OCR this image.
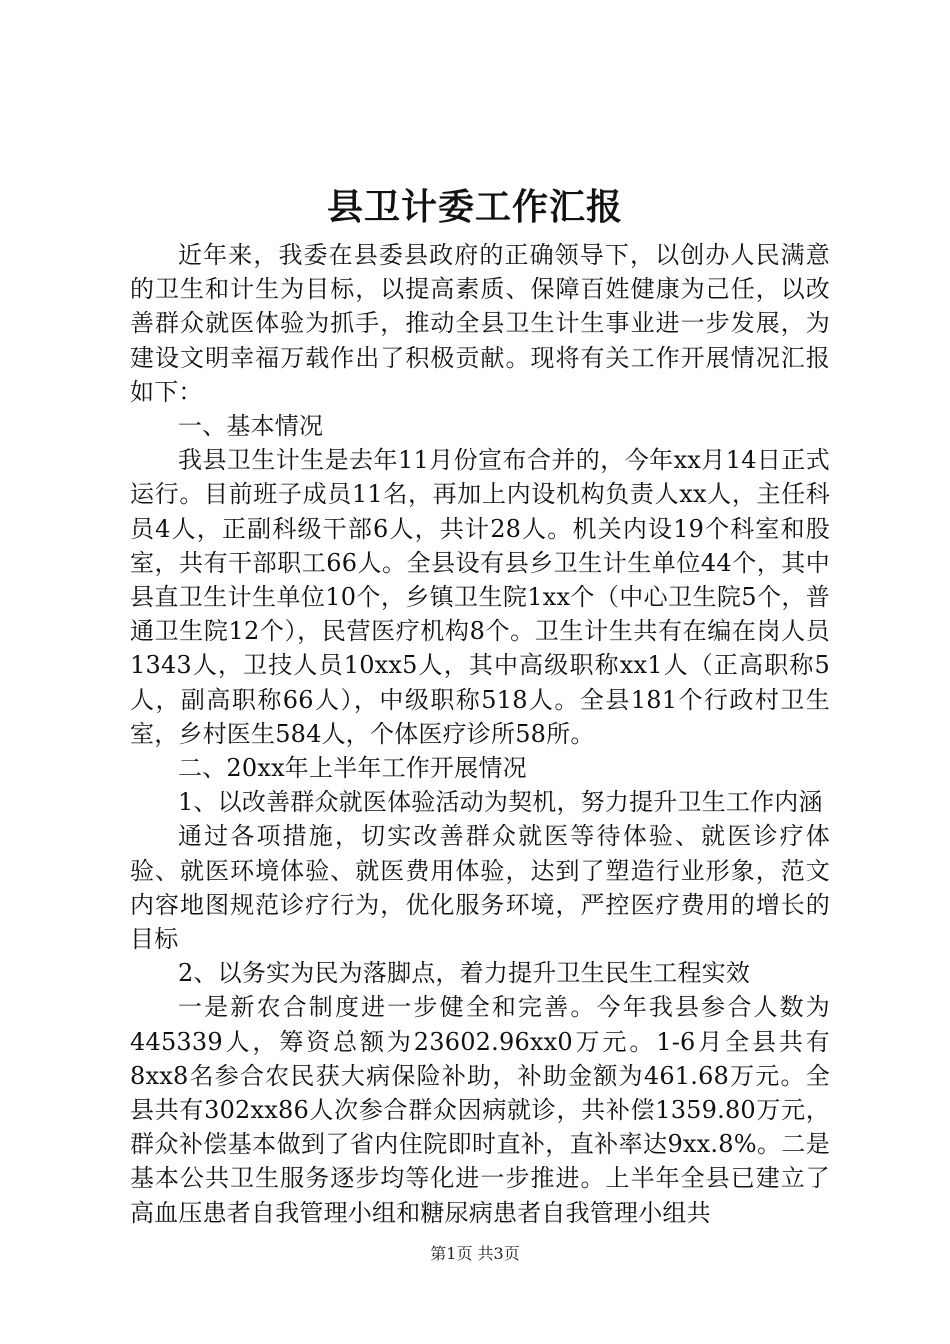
县卫计委工作汇报

近年来，我委在县委县政府的正确领导下，以创办人民满意的卫生和计生为目标，以提高素质、保障百姓健康为己任，以改善群众就医体验为抓手，推动全县卫生计生事业进一步发展，为建设文明幸福万载作出了积极贡献。现将有关工作开展情况汇报如下：

一、基本情况

我县卫生计生是去年11月份宣布合并的，今年xx月14日正式运行。目前班子成员11名，再加上内设机构负责人xx人，主任科员4人，正副科级干部6人，共计28人。机关内设19个科室和股室，共有干部职工66人。全县设有县乡卫生计生单位44个，其中县直卫生计生单位10个，乡镇卫生院1xx个（中心卫生院5个，普通卫生院12个），民营医疗机构8个。卫生计生共有在编在岗人员1343人，卫技人员10xx5人，其中高级职称xx1人（正高职称5人，副高职称66人），中级职称518人。全县181个行政村卫生室，乡村医生584人，个体医疗诊所58所。

二、20xx年上半年工作开展情况

1、以改善群众就医体验活动为契机，努力提升卫生工作内涵

通过各项措施，切实改善群众就医等待体验、就医诊疗体验、就医环境体验、就医费用体验，达到了塑造行业形象，范文内容地图规范诊疗行为，优化服务环境，严控医疗费用的增长的目标

2、以务实为民为落脚点，着力提升卫生民生工程实效

一是新农合制度进一步健全和完善。今年我县参合人数为445339人，筹资总额为23602.96xx0万元。1-6月全县共有8xx8名参合农民获大病保险补助，补助金额为461.68万元。全县共有302xx86人次参合群众因病就诊，共补偿1359.80万元，群众补偿基本做到了省内住院即时直补，直补率达9xx.8%。二是基本公共卫生服务逐步均等化进一步推进。上半年全县已建立了高血压患者自我管理小组和糖尿病患者自我管理小组共

第1页 共3页
